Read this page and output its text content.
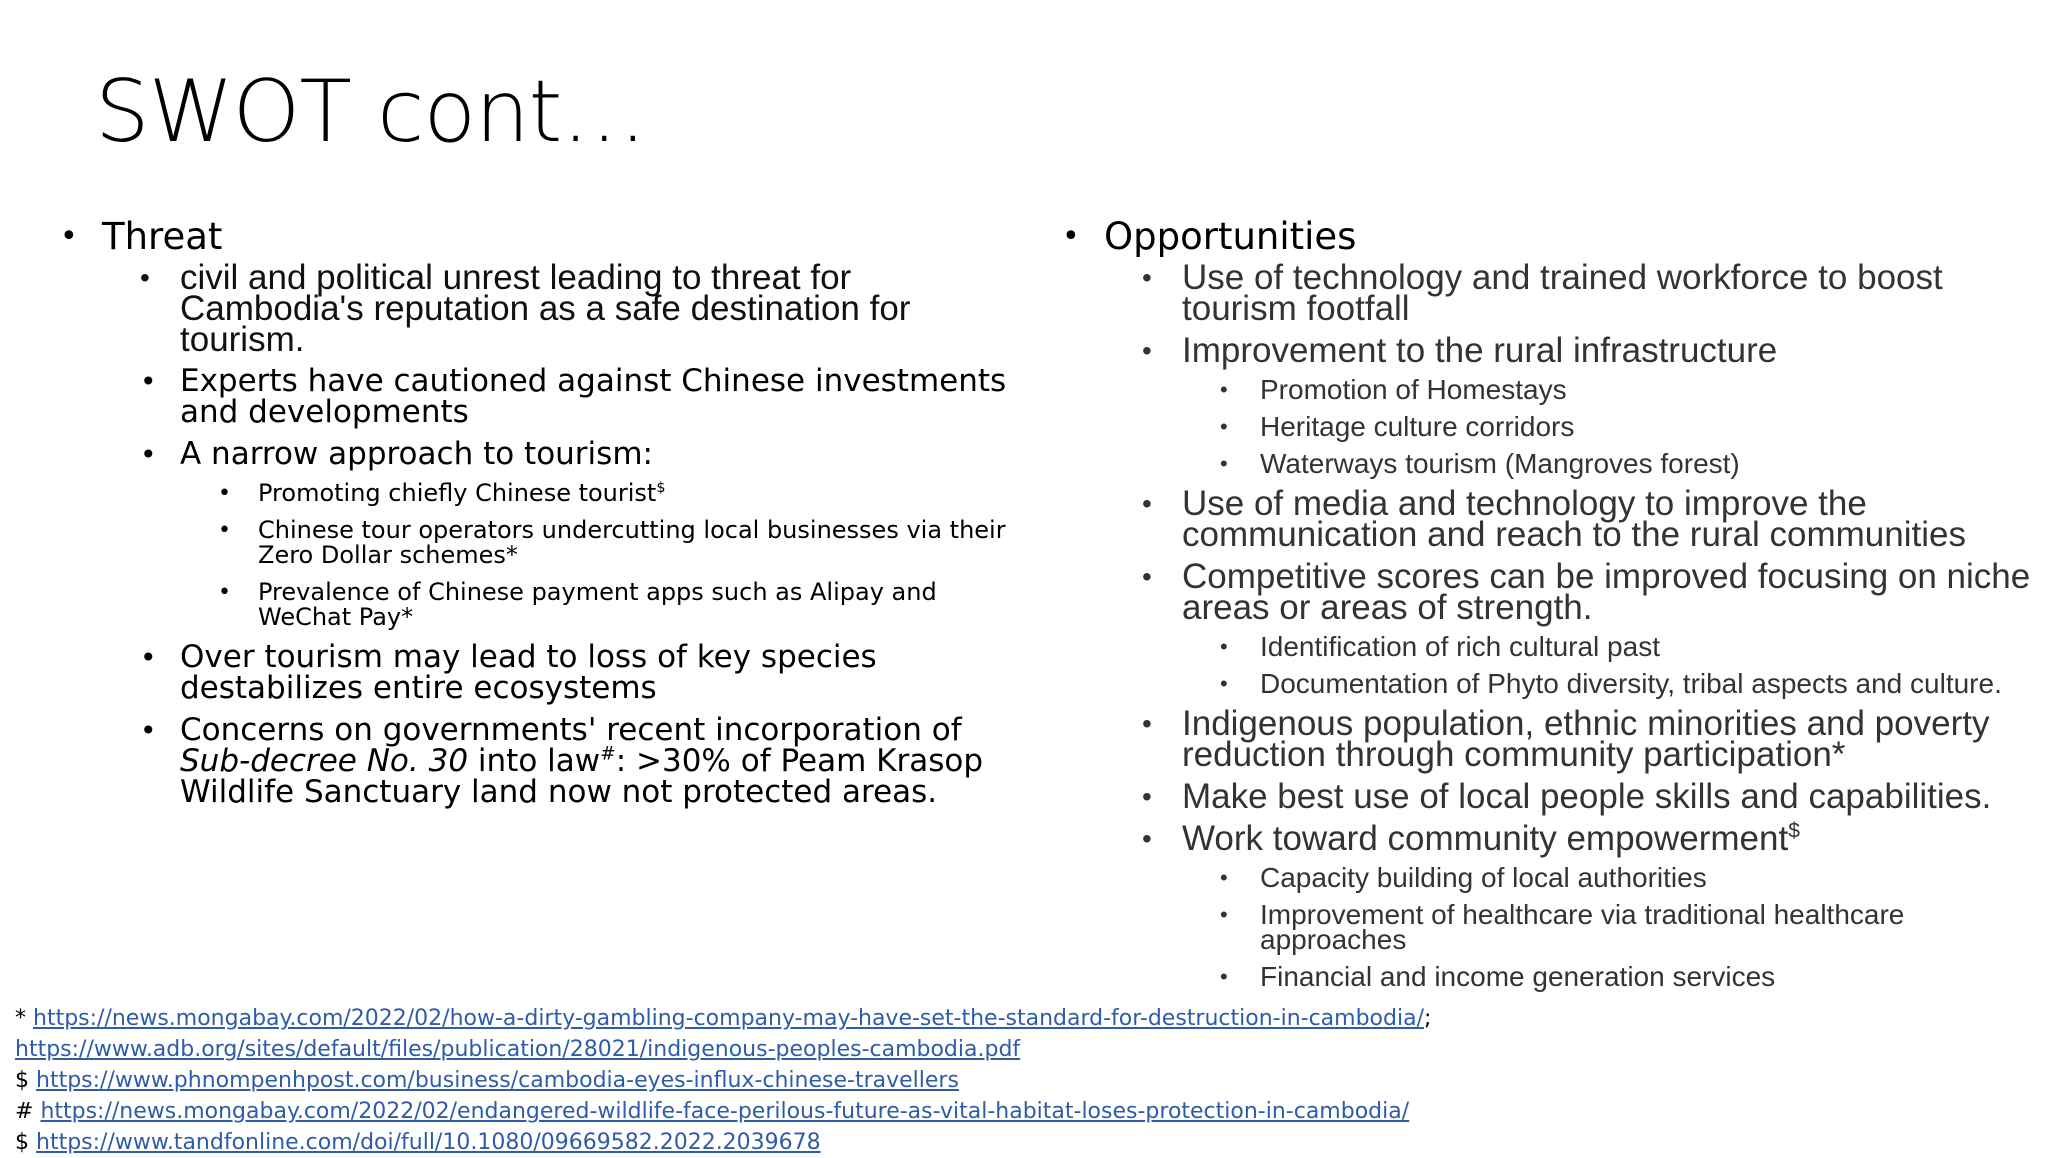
SWOT cont…
• Threat
• civil and political unrest leading to threat for Cambodia's reputation as a safe destination for tourism.
• Experts have cautioned against Chinese investments and developments
• A narrow approach to tourism:
• Promoting chiefly Chinese tourist$
• Chinese tour operators undercutting local businesses via their Zero Dollar schemes*
• Prevalence of Chinese payment apps such as Alipay and WeChat Pay*
• Over tourism may lead to loss of key species destabilizes entire ecosystems
• Concerns on governments' recent incorporation of Sub-decree No. 30 into law#: >30% of Peam Krasop Wildlife Sanctuary land now not protected areas.
• Opportunities
• Use of technology and trained workforce to boost tourism footfall
• Improvement to the rural infrastructure
• Promotion of Homestays
• Heritage culture corridors
• Waterways tourism (Mangroves forest)
• Use of media and technology to improve the communication and reach to the rural communities
• Competitive scores can be improved focusing on niche areas or areas of strength.
• Identification of rich cultural past
• Documentation of Phyto diversity, tribal aspects and culture.
• Indigenous population, ethnic minorities and poverty reduction through community participation*
• Make best use of local people skills and capabilities.
• Work toward community empowerment$
• Capacity building of local authorities
• Improvement of healthcare via traditional healthcare approaches
• Financial and income generation services
* https://news.mongabay.com/2022/02/how-a-dirty-gambling-company-may-have-set-the-standard-for-destruction-in-cambodia/;
https://www.adb.org/sites/default/files/publication/28021/indigenous-peoples-cambodia.pdf
$ https://www.phnompenhpost.com/business/cambodia-eyes-influx-chinese-travellers
# https://news.mongabay.com/2022/02/endangered-wildlife-face-perilous-future-as-vital-habitat-loses-protection-in-cambodia/
$ https://www.tandfonline.com/doi/full/10.1080/09669582.2022.2039678
